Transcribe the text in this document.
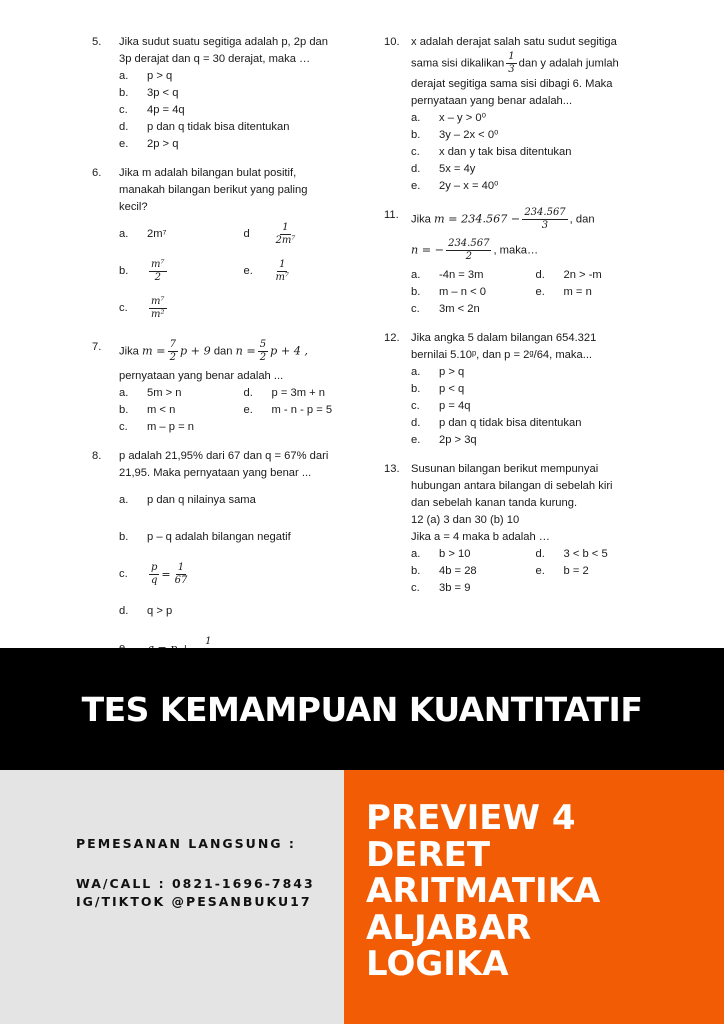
5.	Jika sudut suatu segitiga adalah p, 2p dan
3p derajat dan q = 30 derajat, maka …
a.	p > q
b.	3p < q
c.	4p = 4q
d.	p dan q tidak bisa ditentukan
e.	2p > q
6.	Jika m adalah bilangan bulat positif,
manakah bilangan berikut yang paling
kecil?
a.	2m⁷	d	$\frac{1}{\text{2m⁷}}$
b.	$\frac{\text{m⁷}}{2}$	e.	$\frac{1}{\text{m⁷}}$
c.	$\frac{\text{m⁷}}{\text{m²}}$
7.	Jika $m = \frac{7}{2}$ p + 9 dan $n = \frac{5}{2}$ p + 4 ,
pernyataan yang benar adalah ...
a.	5m > n	d.	p = 3m + n
b.	m < n	e.	m - n - p = 5
c.	m – p = n
8.	p adalah 21,95% dari 67 dan q = 67% dari
21,95. Maka pernyataan yang benar ...
a.	p dan q nilainya sama
b.	p – q adalah bilangan negatif
c.	$\frac{p}{q} = \frac{1}{67}$
d.	q > p
1
10.	x adalah derajat salah satu sudut segitiga
sama sisi dikalikan $\frac{1}{3}$ dan y adalah jumlah
derajat segitiga sama sisi dibagi 6. Maka
pernyataan yang benar adalah...
a.	x – y > 0⁰
b.	3y – 2x < 0⁰
c.	x dan y tak bisa ditentukan
d.	5x = 4y
e.	2y – x = 40⁰
11.	Jika $m = 234.567 - \frac{234.567}{3}$ , dan
n = − $\frac{234.567}{2}$ , maka…
a.	-4n = 3m	d.	2n > -m
b.	m – n < 0	e.	m = n
c.	3m < 2n
12.	Jika angka 5 dalam bilangan 654.321
bernilai 5.10ᵖ, dan p = 2ᵍ/64, maka...
a.	p > q
b.	p < q
c.	p = 4q
d.	p dan q tidak bisa ditentukan
e.	2p > 3q
13.	Susunan bilangan berikut mempunyai
hubungan antara bilangan di sebelah kiri
dan sebelah kanan tanda kurung.
12 (a) 3 dan 30 (b) 10
Jika a = 4 maka b adalah …
a.	b > 10	d.	3 < b < 5
b.	4b = 28	e.	b = 2
c.	3b = 9
TES KEMAMPUAN KUANTITATIF
PEMESANAN LANGSUNG :
WA/CALL : 0821-1696-7843
IG/TIKTOK @PESANBUKU17
PREVIEW 4
DERET
ARITMATIKA
ALJABAR
LOGIKA
